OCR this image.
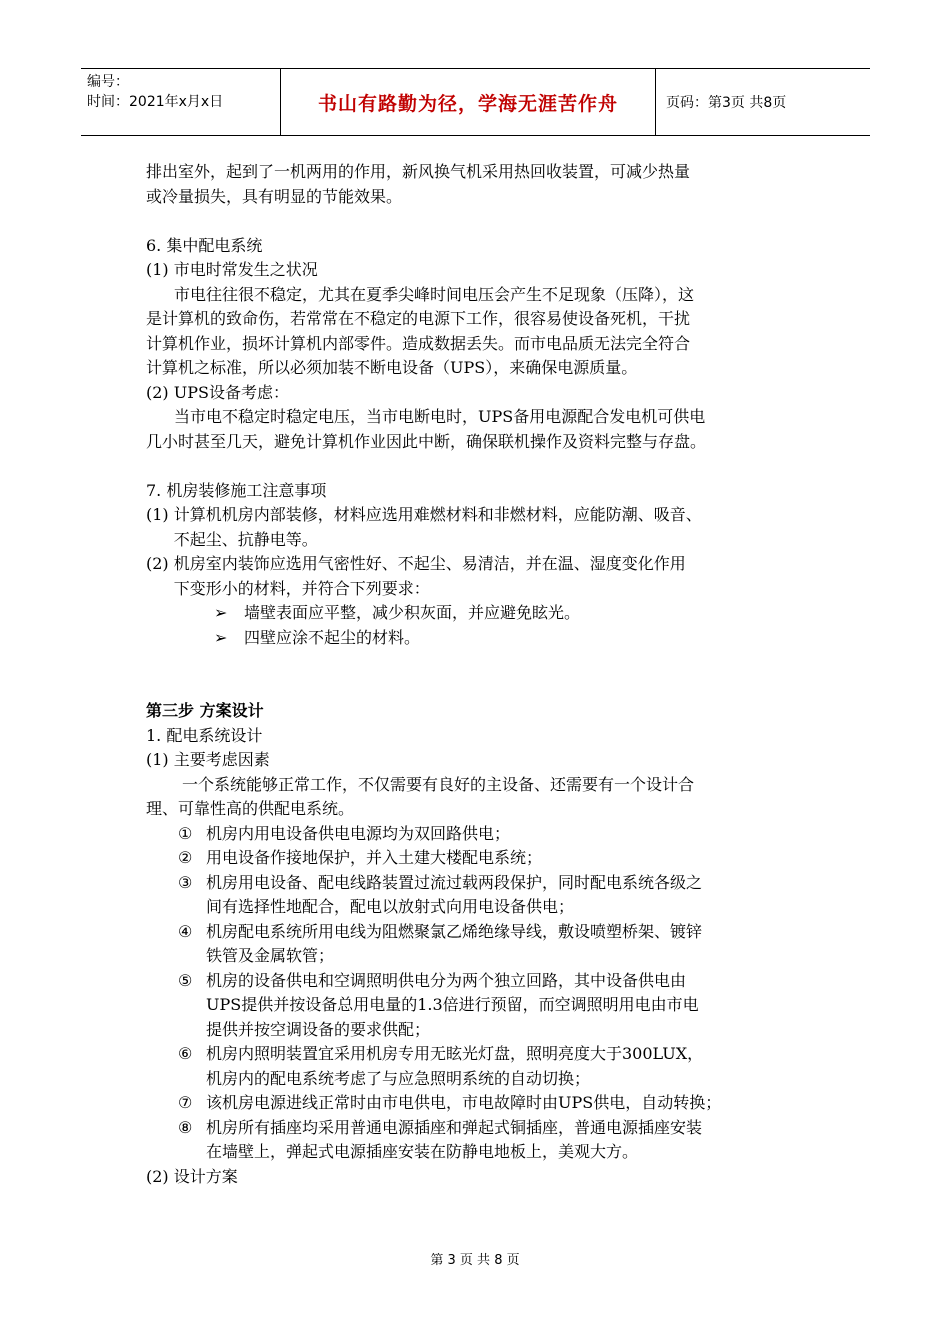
编号：
时间：2021年x月x日	书山有路勤为径，学海无涯苦作舟	页码：第3页 共8页

排出室外，起到了一机两用的作用，新风换气机采用热回收装置，可减少热量

或冷量损失，具有明显的节能效果。

6. 集中配电系统

(1) 市电时常发生之状况

市电往往很不稳定，尤其在夏季尖峰时间电压会产生不足现象（压降），这

是计算机的致命伤，若常常在不稳定的电源下工作，很容易使设备死机，干扰

计算机作业，损坏计算机内部零件。造成数据丢失。而市电品质无法完全符合

计算机之标准，所以必须加装不断电设备（UPS），来确保电源质量。

(2) UPS设备考虑：

当市电不稳定时稳定电压，当市电断电时，UPS备用电源配合发电机可供电

几小时甚至几天，避免计算机作业因此中断，确保联机操作及资料完整与存盘。

7. 机房装修施工注意事项

(1) 计算机机房内部装修，材料应选用难燃材料和非燃材料，应能防潮、吸音、
不起尘、抗静电等。
(2) 机房室内装饰应选用气密性好、不起尘、易清洁，并在温、湿度变化作用
下变形小的材料，并符合下列要求：
➢	墙壁表面应平整，减少积灰面，并应避免眩光。
➢	四壁应涂不起尘的材料。

第三步 方案设计

1. 配电系统设计

(1) 主要考虑因素

一个系统能够正常工作，不仅需要有良好的主设备、还需要有一个设计合

理、可靠性高的供配电系统。

① 机房内用电设备供电电源均为双回路供电；
② 用电设备作接地保护，并入土建大楼配电系统；
③ 机房用电设备、配电线路装置过流过载两段保护，同时配电系统各级之
间有选择性地配合，配电以放射式向用电设备供电；
④ 机房配电系统所用电线为阻燃聚氯乙烯绝缘导线，敷设喷塑桥架、镀锌
铁管及金属软管；
⑤ 机房的设备供电和空调照明供电分为两个独立回路，其中设备供电由
UPS提供并按设备总用电量的1.3倍进行预留，而空调照明用电由市电
提供并按空调设备的要求供配；
⑥ 机房内照明装置宜采用机房专用无眩光灯盘，照明亮度大于300LUX，
机房内的配电系统考虑了与应急照明系统的自动切换；
⑦ 该机房电源进线正常时由市电供电，市电故障时由UPS供电，自动转换；
⑧ 机房所有插座均采用普通电源插座和弹起式铜插座，普通电源插座安装
在墙壁上，弹起式电源插座安装在防静电地板上，美观大方。

(2) 设计方案

第 3 页 共 8 页
